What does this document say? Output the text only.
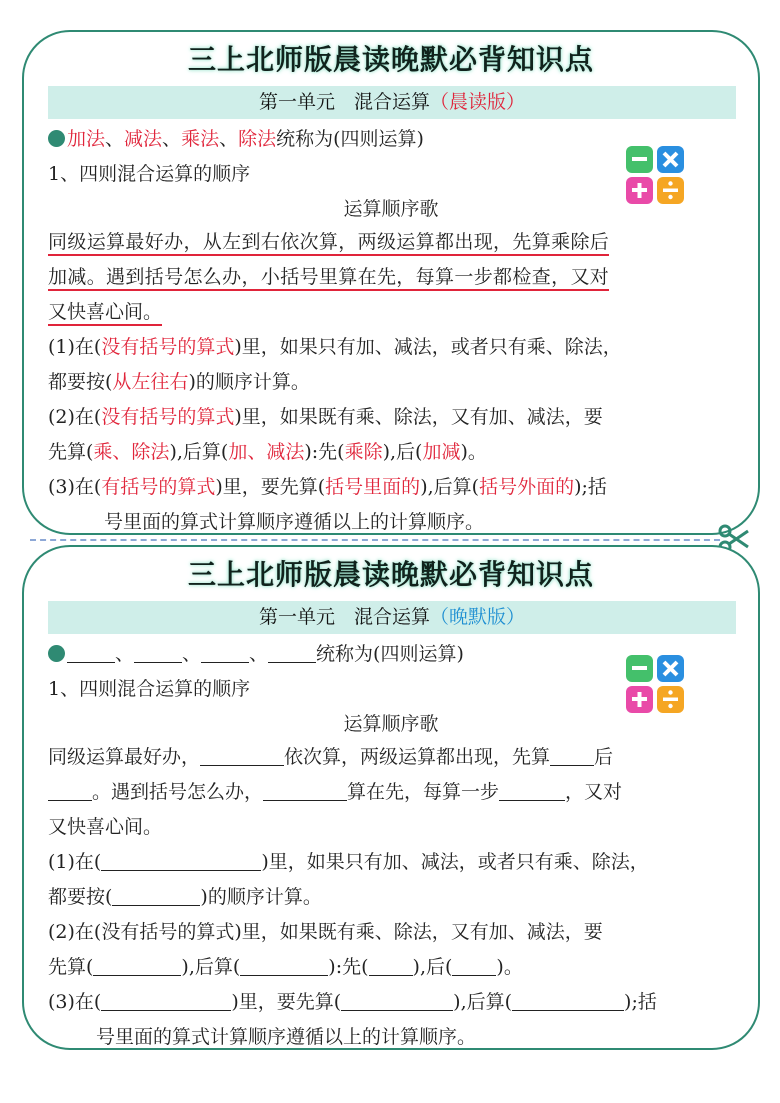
三上北师版晨读晚默必背知识点
第一单元　混合运算（晨读版）
加法、减法、乘法、除法统称为(四则运算)
1、四则混合运算的顺序
运算顺序歌
同级运算最好办，从左到右依次算，两级运算都出现，先算乘除后
加减。遇到括号怎么办，小括号里算在先，每算一步都检查，又对
又快喜心间。
(1)在(没有括号的算式)里，如果只有加、减法，或者只有乘、除法，
都要按(从左往右)的顺序计算。
(2)在(没有括号的算式)里，如果既有乘、除法，又有加、减法，要
先算(乘、除法),后算(加、减法):先(乘除),后(加减)。
(3)在(有括号的算式)里，要先算(括号里面的),后算(括号外面的);括
号里面的算式计算顺序遵循以上的计算顺序。
三上北师版晨读晚默必背知识点
第一单元　混合运算（晚默版）
、	、	、	统称为(四则运算)
1、四则混合运算的顺序
运算顺序歌
同级运算最好办，	依次算，两级运算都出现，先算 后
。遇到括号怎么办，	算在先，每算一步	，又对
又快喜心间。
(1)在(	)里，如果只有加、减法，或者只有乘、除法，
都要按(	)的顺序计算。
(2)在(没有括号的算式)里，如果既有乘、除法，又有加、减法，要
先算(	),后算(	):先( ),后( )。
(3)在(	)里，要先算(	),后算(	);括
号里面的算式计算顺序遵循以上的计算顺序。
